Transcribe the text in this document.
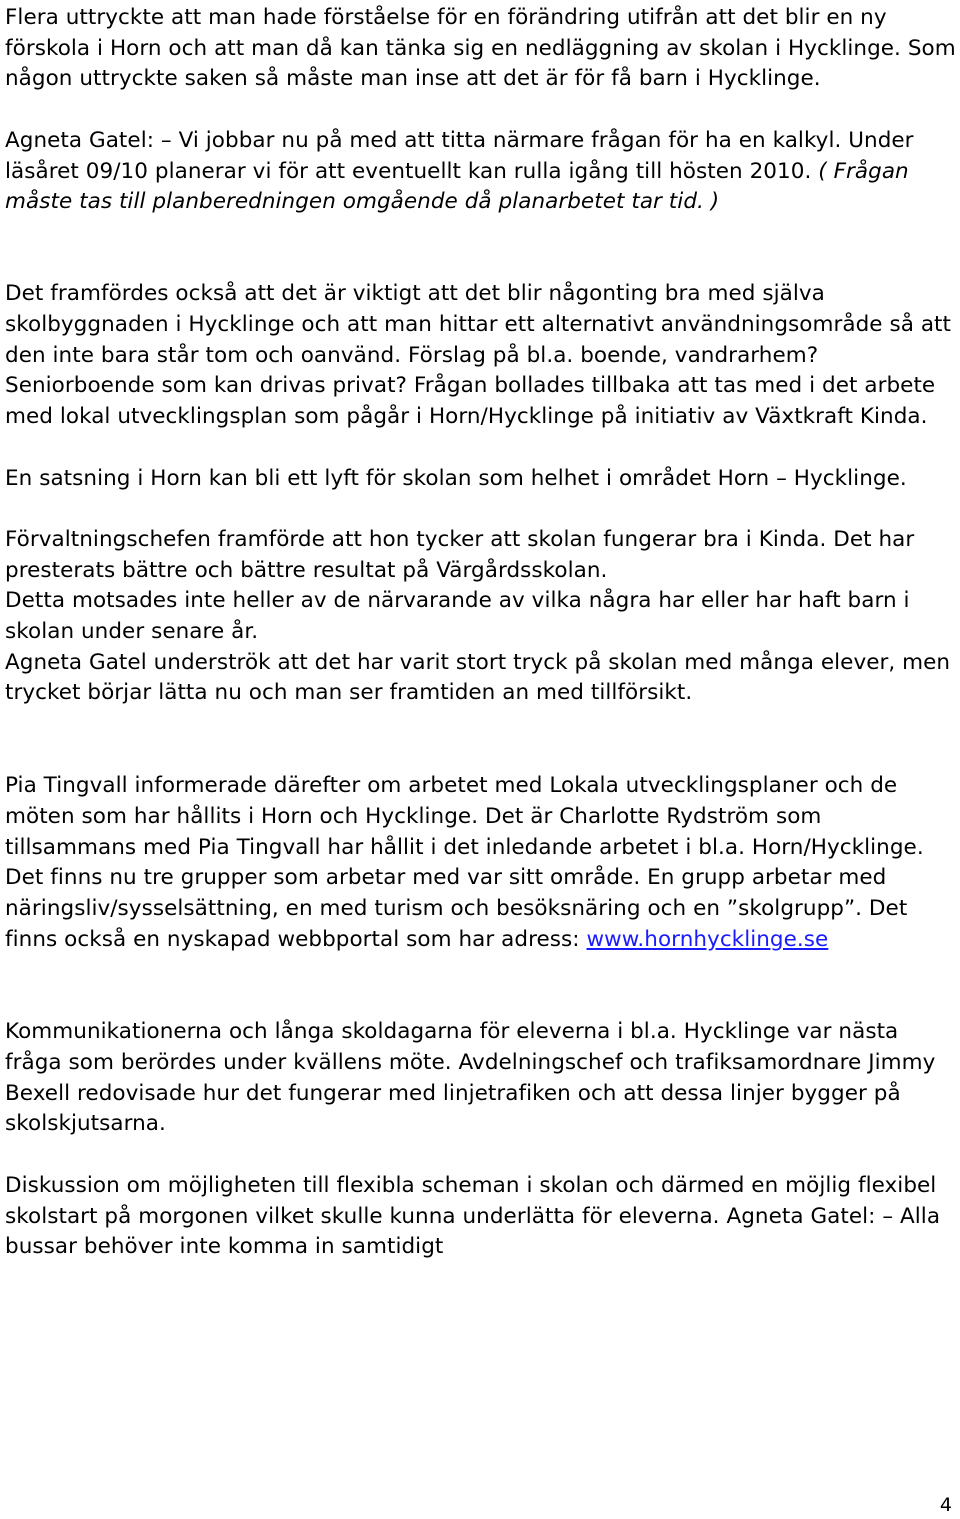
Flera uttryckte att man hade förståelse för en förändring utifrån att det blir en ny förskola i Horn och att man då kan tänka sig en nedläggning av skolan i Hycklinge. Som någon uttryckte saken så måste man inse att det är för få barn i Hycklinge.

Agneta Gatel: – Vi jobbar nu på med att titta närmare frågan för ha en kalkyl. Under läsåret 09/10 planerar vi för att eventuellt kan rulla igång till hösten 2010. ( Frågan måste tas till planberedningen omgående då planarbetet tar tid. )

Det framfördes också att det är viktigt att det blir någonting bra med själva skolbyggnaden i Hycklinge och att man hittar ett alternativt användningsområde så att den inte bara står tom och oanvänd. Förslag på bl.a. boende, vandrarhem? Seniorboende som kan drivas privat? Frågan bollades tillbaka att tas med i det arbete med lokal utvecklingsplan som pågår i Horn/Hycklinge på initiativ av Växtkraft Kinda.

En satsning i Horn kan bli ett lyft för skolan som helhet i området Horn – Hycklinge.

Förvaltningschefen framförde att hon tycker att skolan fungerar bra i Kinda. Det har presterats bättre och bättre resultat på Värgårdsskolan.

Detta motsades inte heller av de närvarande av vilka några har eller har haft barn i skolan under senare år.

Agneta Gatel underströk att det har varit stort tryck på skolan med många elever, men trycket börjar lätta nu och man ser framtiden an med tillförsikt.

Pia Tingvall informerade därefter om arbetet med Lokala utvecklingsplaner och de möten som har hållits i Horn och Hycklinge. Det är Charlotte Rydström som tillsammans med Pia Tingvall har hållit i det inledande arbetet i bl.a. Horn/Hycklinge. Det finns nu tre grupper som arbetar med var sitt område. En grupp arbetar med näringsliv/sysselsättning, en med turism och besöksnäring och en ”skolgrupp”. Det finns också en nyskapad webbportal som har adress: www.hornhycklinge.se

Kommunikationerna och långa skoldagarna för eleverna i bl.a. Hycklinge var nästa fråga som berördes under kvällens möte. Avdelningschef och trafiksamordnare Jimmy Bexell redovisade hur det fungerar med linjetrafiken och att dessa linjer bygger på skolskjutsarna.

Diskussion om möjligheten till flexibla scheman i skolan och därmed en möjlig flexibel skolstart på morgonen vilket skulle kunna underlätta för eleverna. Agneta Gatel: – Alla bussar behöver inte komma in samtidigt

4
